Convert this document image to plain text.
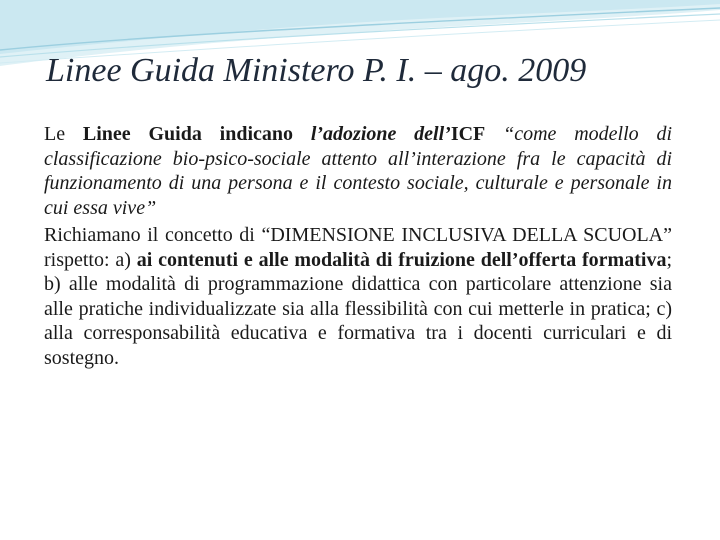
Linee Guida Ministero P. I. – ago. 2009

Le Linee Guida indicano l’adozione dell’ICF “come modello di classificazione bio-psico-sociale attento all’interazione fra le capacità di funzionamento di una persona e il contesto sociale, culturale e personale in cui essa vive”

Richiamano il concetto di “DIMENSIONE INCLUSIVA DELLA SCUOLA” rispetto: a) ai contenuti e alle modalità di fruizione dell’offerta formativa; b) alle modalità di programmazione didattica con particolare attenzione sia alle pratiche individualizzate sia alla flessibilità con cui metterle in pratica; c) alla corresponsabilità educativa e formativa tra i docenti curriculari e di sostegno.
